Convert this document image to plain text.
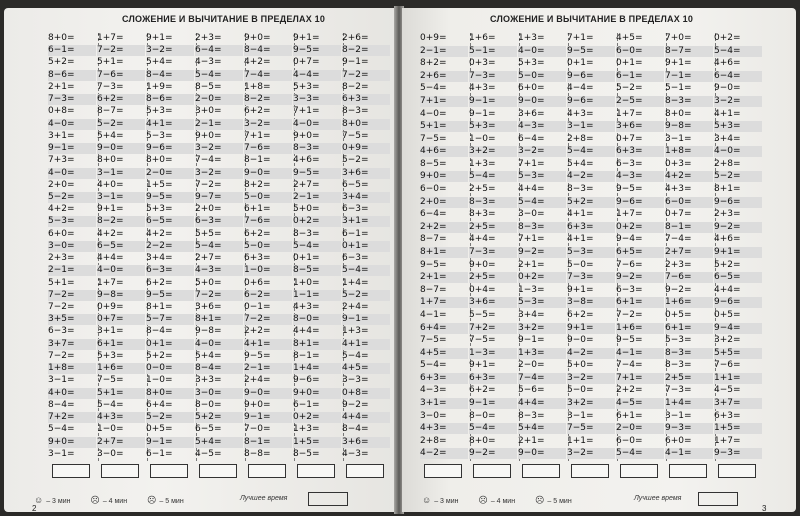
СЛОЖЕНИЕ И ВЫЧИТАНИЕ В ПРЕДЕЛАХ 10
☺ – 3 мин ☹ – 4 мин ☹ – 5 мин	Лучшее время
2
8+0=
6−1=
5+2=
8−6=
2+1=
7−3=
0+8=
4−0=
3+1=
9−1=
7+3=
4−0=
2+0=
5−2=
4+2=
5−3=
6+0=
3−0=
2+3=
2−1=
5+1=
7−2=
7−2=
3+5=
6−3=
3+7=
7−2=
1+8=
3−1=
4+0=
8−4=
7+2=
5−4=
9+0=
3−1=
1+7=
7−2=
5+1=
7−6=
7−3=
6+2=
8−7=
5−2=
5+4=
9−0=
8+0=
3−1=
4+0=
3−1=
9+1=
8−2=
4+2=
6−5=
4+4=
4−0=
1+7=
9−8=
0+9=
0+7=
3+1=
6+1=
5+3=
1+6=
7−5=
5+1=
5−4=
4+3=
1−0=
2+7=
3−0=
9+1=
3−2=
5+4=
8−4=
1+9=
8−6=
5+3=
4+1=
5−3=
9−6=
8+0=
2−0=
1+5=
9−5=
5+3=
6−5=
4+2=
2−2=
3+4=
6−3=
6+2=
9−5=
8+1=
5−7=
8−4=
0+1=
5+2=
0−0=
1−0=
8+0=
6+4=
5−2=
0+5=
9−1=
6−1=
2+3=
6−4=
4−3=
5−4=
8−5=
2−0=
3+0=
2−1=
9+0=
3−2=
7−4=
3−2=
7−2=
9−7=
2+0=
6−3=
5+5=
5−4=
2+7=
4−3=
5+0=
7−2=
3+6=
8+1=
9−8=
4−0=
5+4=
8−4=
3+3=
3−0=
8−0=
5+2=
6−5=
5+4=
4−5=
9+0=
8−4=
4+2=
7−4=
1+8=
8−2=
6+2=
3−2=
7+1=
7−6=
8−1=
9−0=
8+2=
5−0=
6+1=
7−6=
6+2=
5−0=
6+3=
1−0=
0+6=
6−2=
0−1=
7−2=
2+2=
4+1=
9−5=
2−1=
2+4=
9−0=
9+0=
9−1=
7−0=
8−1=
8−8=
9+1=
9−5=
0+7=
4−4=
5+3=
3−3=
7+1=
4−0=
9+0=
8−3=
4+6=
9−5=
2+7=
2−1=
5+0=
0+2=
8−3=
5−4=
0+1=
8−5=
1+0=
1−1=
4+3=
8−0=
4+4=
8+1=
8−1=
1+4=
9−6=
9+0=
6−1=
0+2=
1+3=
1+5=
8−5=
2+6=
8−2=
9−1=
7−2=
8−2=
6+3=
8−3=
8+0=
7−5=
0+9=
5−2=
3+6=
6−5=
3+4=
6−3=
3+1=
6−1=
0+1=
6−3=
5−4=
1+4=
5−2=
2+4=
9−1=
1+3=
4+1=
5−4=
4+5=
3−3=
0+8=
9−2=
4+4=
8−4=
3+6=
4−3=
СЛОЖЕНИЕ И ВЫЧИТАНИЕ В ПРЕДЕЛАХ 10
☺ – 3 мин ☹ – 4 мин ☹ – 5 мин	Лучшее время
3
0+9=
2−1=
8+2=
2+6=
5−4=
7+1=
4−0=
5+1=
7−5=
4+6=
8−5=
9+0=
6−0=
2+0=
6−4=
2+2=
8−7=
8+1=
9−5=
2+1=
8−7=
1+7=
4−1=
6+4=
7−5=
4+5=
5−4=
6+3=
4−3=
3+1=
3−0=
4+3=
2+8=
4−2=
1+6=
5−1=
0+3=
7−3=
4+3=
9−1=
9−1=
5+3=
1−0=
3+2=
1+3=
5−4=
2+5=
8−3=
8+3=
2+5=
4+4=
7−3=
9+0=
2+5=
0+4=
3+6=
5−5=
7+2=
7−5=
1−3=
9+1=
6+3=
6+2=
9−1=
8−0=
5−4=
8+0=
9−2=
1+3=
4−0=
5+3=
5−0=
6+0=
9−0=
3+6=
4−3=
6−4=
3−2=
7+1=
5−3=
4+4=
5−4=
3−0=
8−3=
7+1=
9−2=
2+1=
0+2=
1−3=
5−3=
3+4=
3+2=
9−1=
1+3=
2−0=
7−4=
5−6=
4+4=
8−3=
5+4=
2+1=
9−0=
7+1=
9−5=
0+1=
9−6=
4−4=
9−6=
4+3=
3−1=
2+8=
5−4=
5+4=
4−2=
8−3=
5+2=
4+1=
6+3=
4+1=
5−3=
5−0=
7−3=
9+1=
3−8=
6+2=
9+1=
9−0=
4−2=
5+0=
3−2=
5−0=
3+2=
3−1=
7−5=
1+1=
3−2=
4+5=
6−0=
0+1=
6−1=
5−2=
2−5=
1+7=
3+6=
0+7=
6+3=
6−3=
4−3=
9−5=
9−6=
1+7=
0+2=
9−4=
6+5=
7−6=
9−2=
6−3=
6+1=
7−2=
1+6=
9−5=
4−1=
7−4=
7+1=
2+2=
4−5=
6+1=
2−0=
6−0=
5−4=
7+0=
8−7=
9+1=
7−1=
5−1=
8−3=
8+0=
9−8=
3−1=
1+8=
0+3=
4+2=
4+3=
6−0=
0+7=
8−1=
7−4=
2+7=
2+3=
7−6=
9−2=
1+6=
0+5=
6+1=
5−3=
8−3=
8−3=
2+5=
7−3=
1+4=
3−1=
9−3=
6+0=
4−1=
0+2=
5−4=
4+6=
6−4=
9−0=
3−2=
4+1=
5+3=
3+4=
4−0=
2+8=
5−2=
8+1=
9−6=
2+3=
9−2=
4+6=
9+1=
5+2=
6−5=
4+4=
9−6=
0+5=
9−4=
3+2=
5+5=
7−6=
1+1=
4−5=
3+7=
6+3=
1+5=
1+7=
9−3=
